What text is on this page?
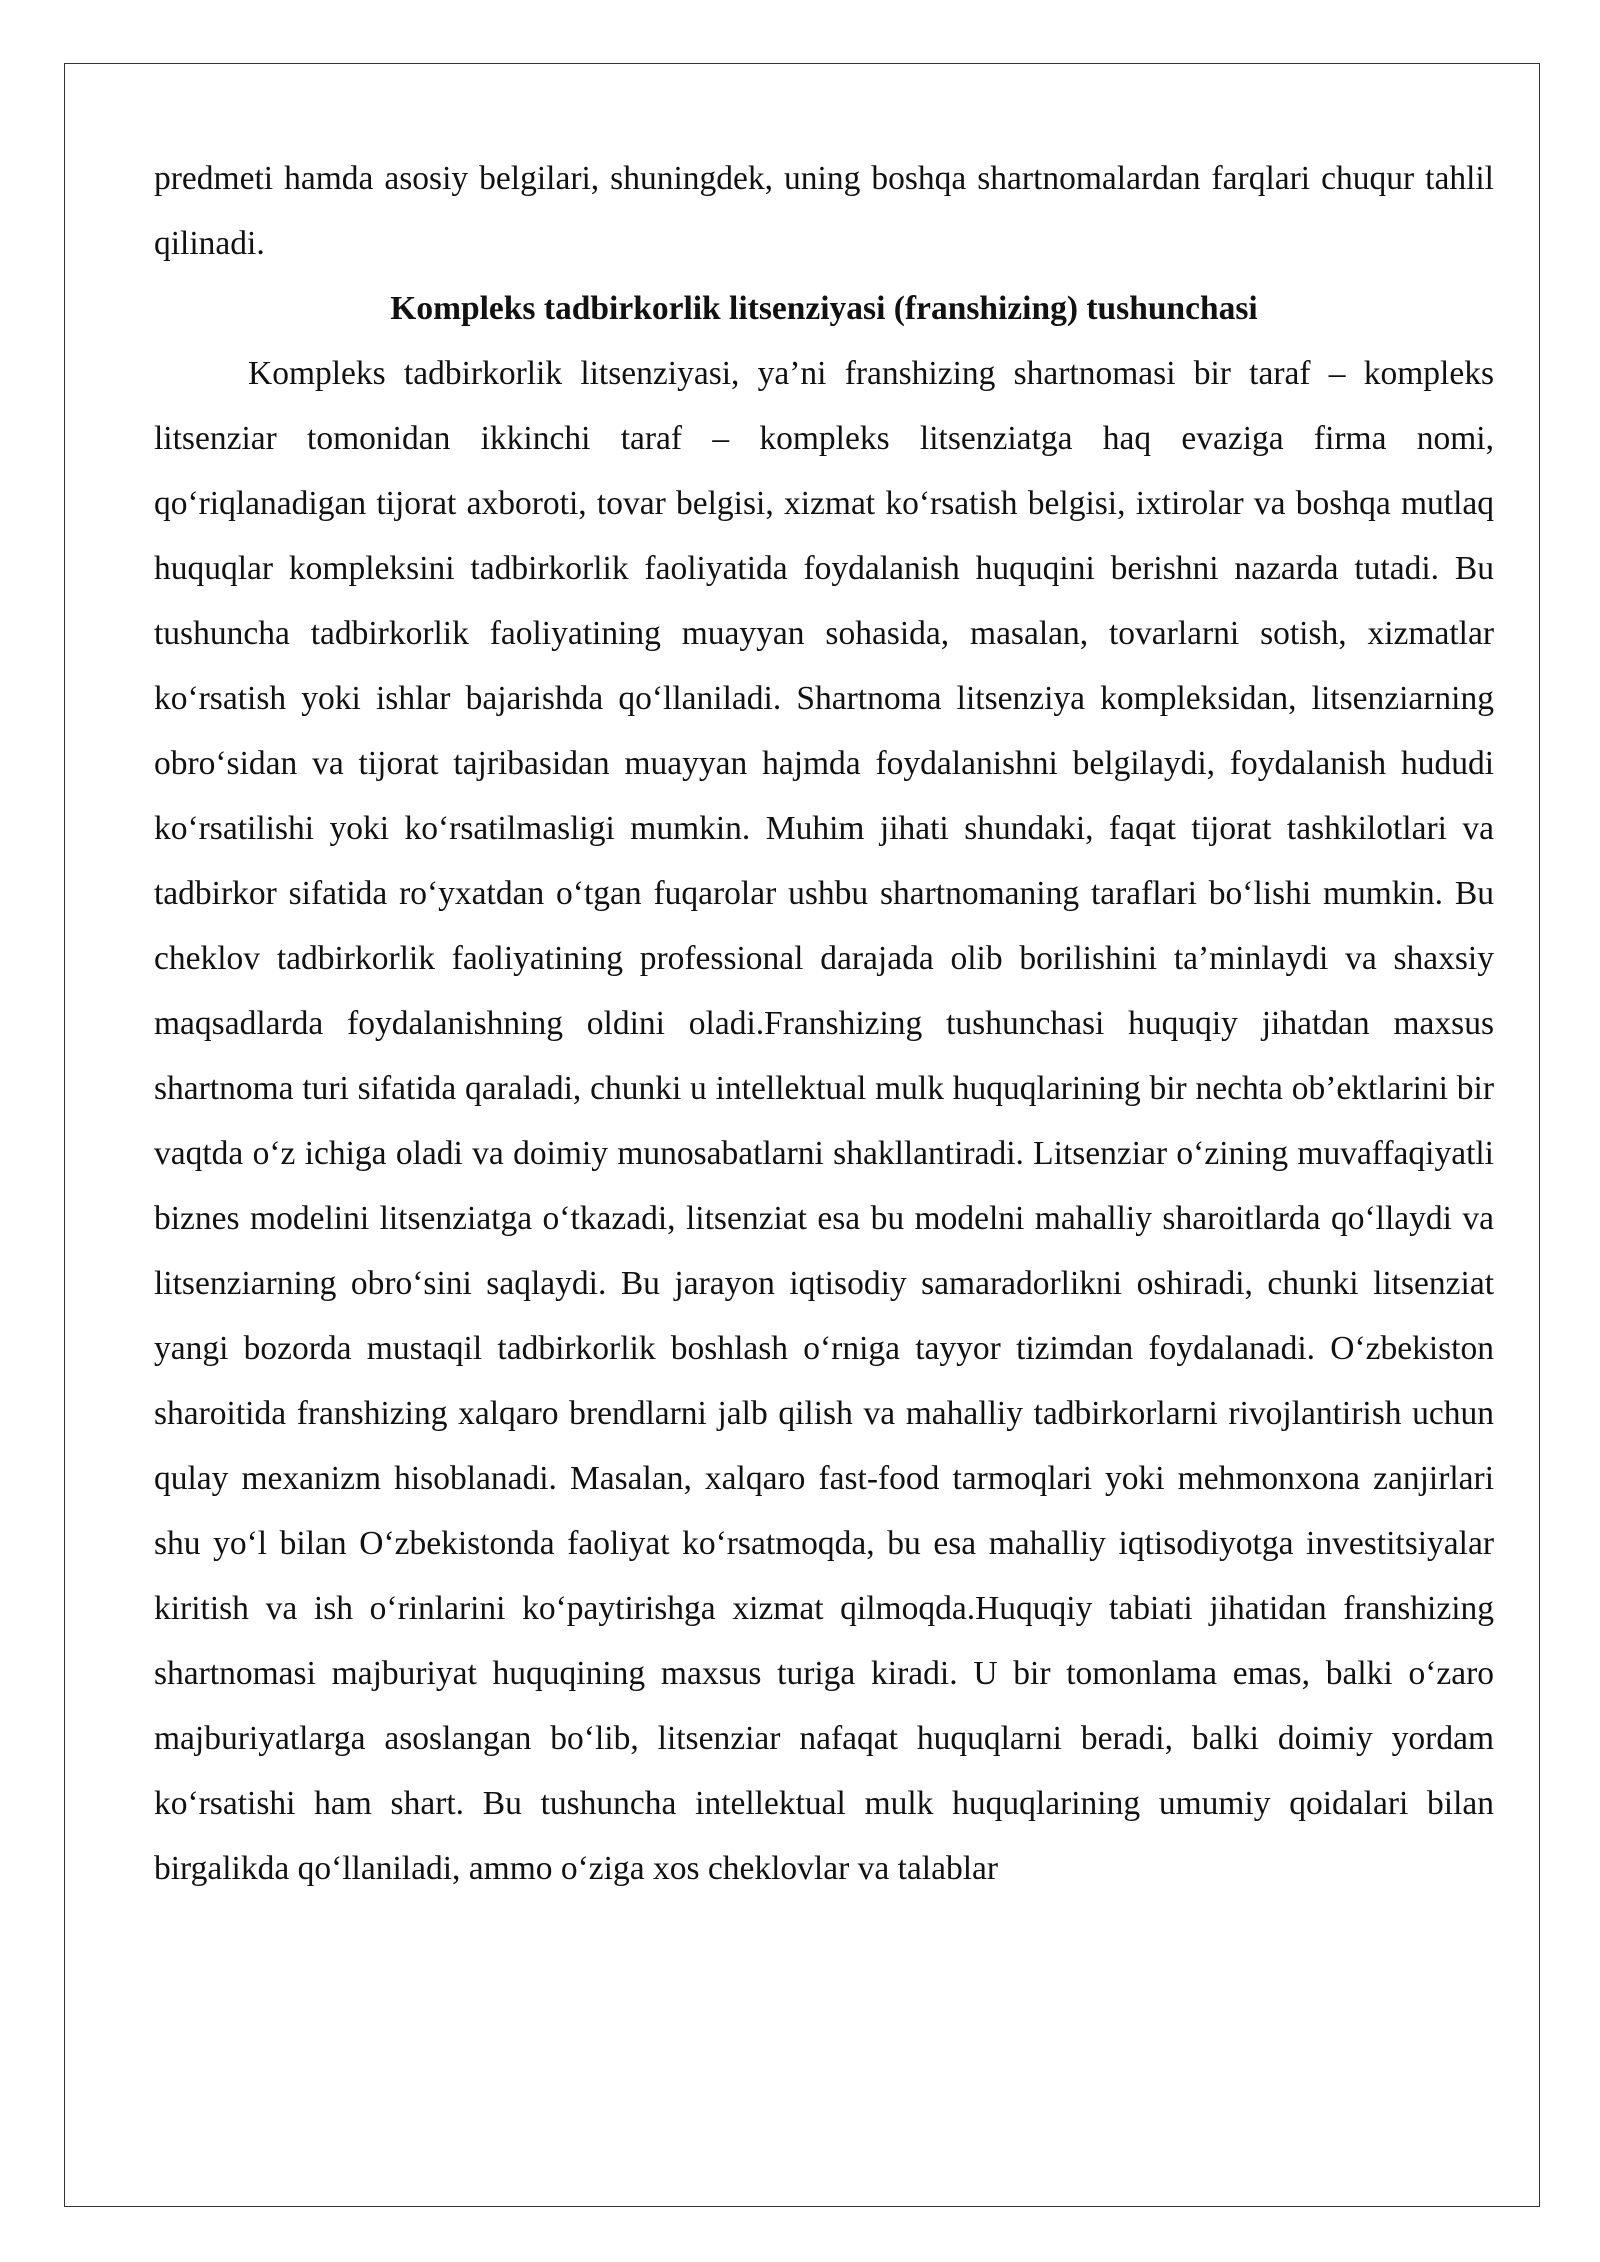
predmeti hamda asosiy belgilari, shuningdek, uning boshqa shartnomalardan farqlari chuqur tahlil qilinadi.

Kompleks tadbirkorlik litsenziyasi (franshizing) tushunchasi

Kompleks tadbirkorlik litsenziyasi, ya’ni franshizing shartnomasi bir taraf – kompleks litsenziar tomonidan ikkinchi taraf – kompleks litsenziatga haq evaziga firma nomi, qo‘riqlanadigan tijorat axboroti, tovar belgisi, xizmat ko‘rsatish belgisi, ixtirolar va boshqa mutlaq huquqlar kompleksini tadbirkorlik faoliyatida foydalanish huquqini berishni nazarda tutadi. Bu tushuncha tadbirkorlik faoliyatining muayyan sohasida, masalan, tovarlarni sotish, xizmatlar ko‘rsatish yoki ishlar bajarishda qo‘llaniladi. Shartnoma litsenziya kompleksidan, litsenziarning obro‘sidan va tijorat tajribasidan muayyan hajmda foydalanishni belgilaydi, foydalanish hududi ko‘rsatilishi yoki ko‘rsatilmasligi mumkin. Muhim jihati shundaki, faqat tijorat tashkilotlari va tadbirkor sifatida ro‘yxatdan o‘tgan fuqarolar ushbu shartnomaning taraflari bo‘lishi mumkin. Bu cheklov tadbirkorlik faoliyatining professional darajada olib borilishini ta’minlaydi va shaxsiy maqsadlarda foydalanishning oldini oladi.Franshizing tushunchasi huquqiy jihatdan maxsus shartnoma turi sifatida qaraladi, chunki u intellektual mulk huquqlarining bir nechta ob’ektlarini bir vaqtda o‘z ichiga oladi va doimiy munosabatlarni shakllantiradi. Litsenziar o‘zining muvaffaqiyatli biznes modelini litsenziatga o‘tkazadi, litsenziat esa bu modelni mahalliy sharoitlarda qo‘llaydi va litsenziarning obro‘sini saqlaydi. Bu jarayon iqtisodiy samaradorlikni oshiradi, chunki litsenziat yangi bozorda mustaqil tadbirkorlik boshlash o‘rniga tayyor tizimdan foydalanadi. O‘zbekiston sharoitida franshizing xalqaro brendlarni jalb qilish va mahalliy tadbirkorlarni rivojlantirish uchun qulay mexanizm hisoblanadi. Masalan, xalqaro fast-food tarmoqlari yoki mehmonxona zanjirlari shu yo‘l bilan O‘zbekistonda faoliyat ko‘rsatmoqda, bu esa mahalliy iqtisodiyotga investitsiyalar kiritish va ish o‘rinlarini ko‘paytirishga xizmat qilmoqda.Huquqiy tabiati jihatidan franshizing shartnomasi majburiyat huquqining maxsus turiga kiradi. U bir tomonlama emas, balki o‘zaro majburiyatlarga asoslangan bo‘lib, litsenziar nafaqat huquqlarni beradi, balki doimiy yordam ko‘rsatishi ham shart. Bu tushuncha intellektual mulk huquqlarining umumiy qoidalari bilan birgalikda qo‘llaniladi, ammo o‘ziga xos cheklovlar va talablar
